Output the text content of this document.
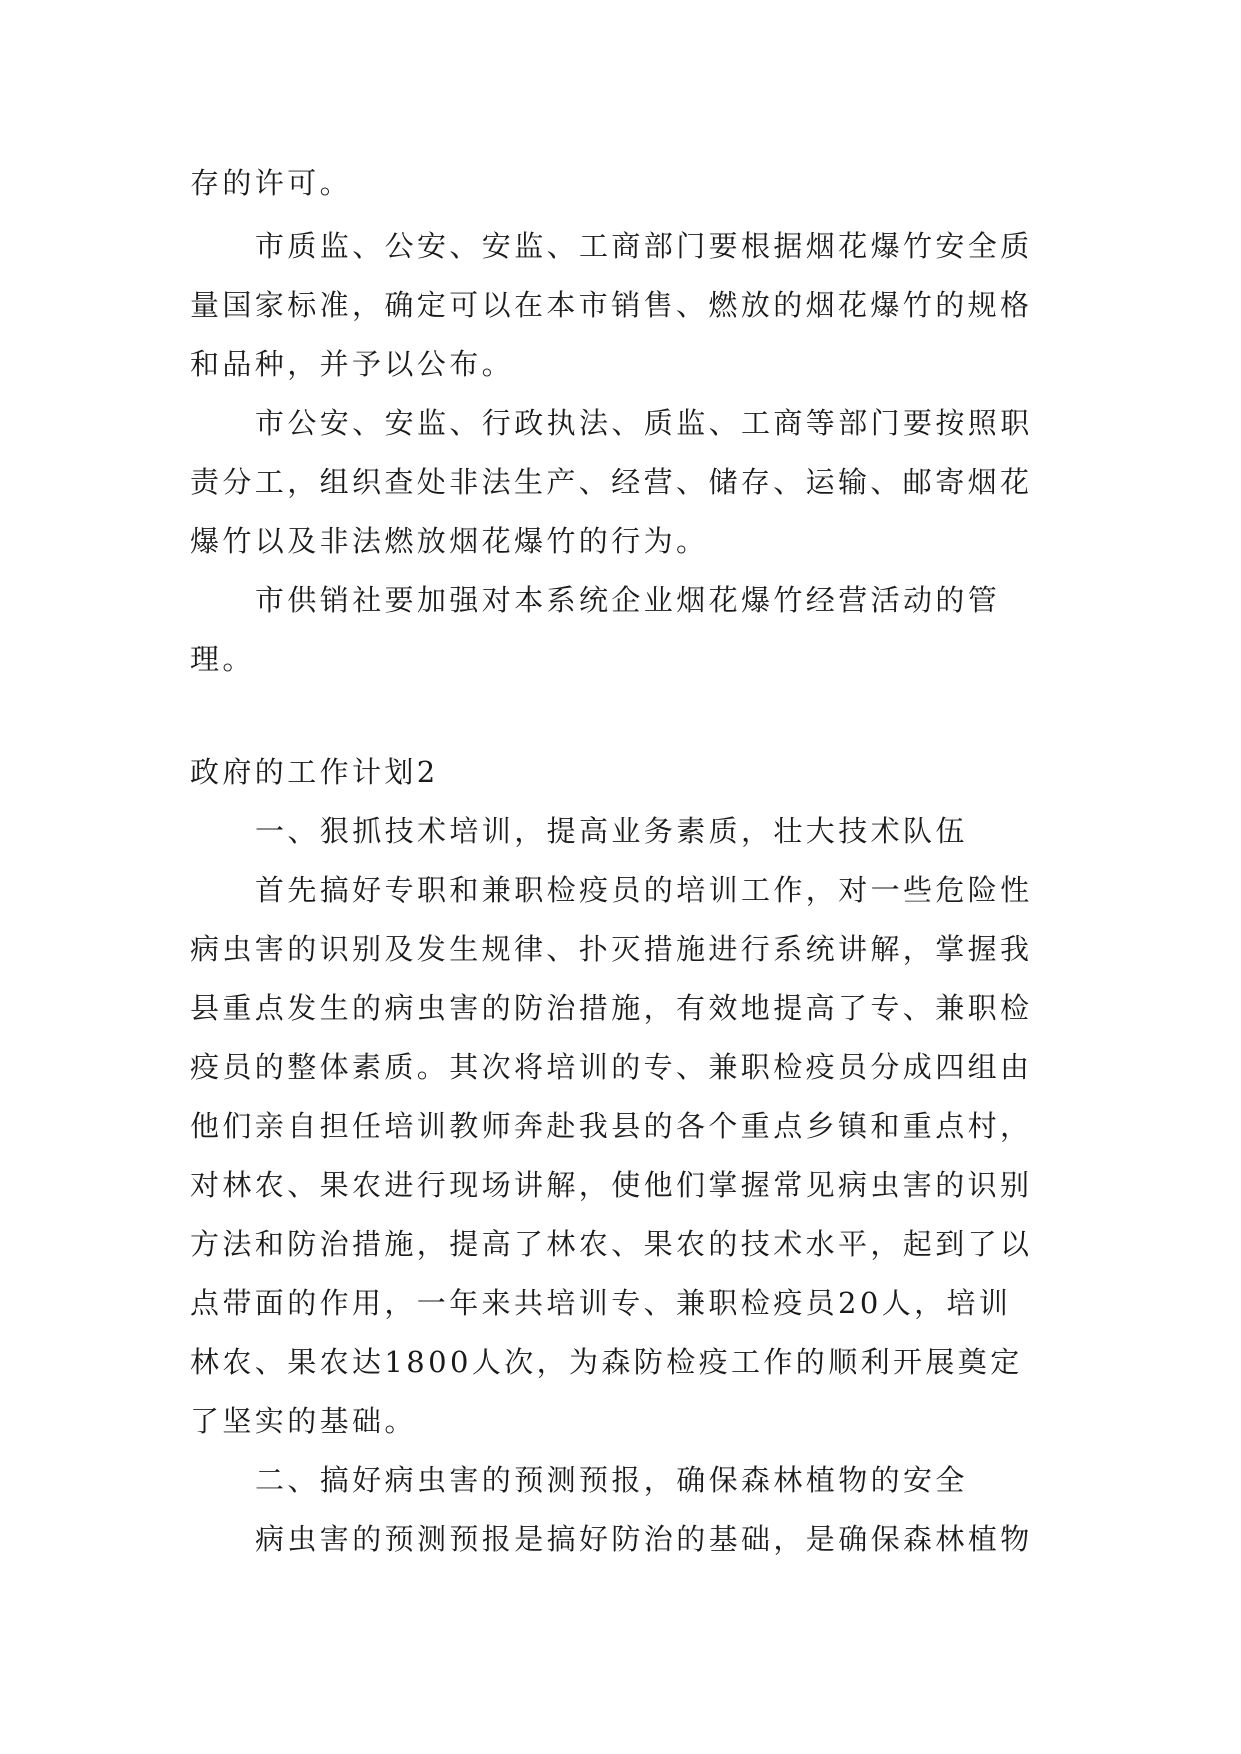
存的许可。
市质监、公安、安监、工商部门要根据烟花爆竹安全质
量国家标准，确定可以在本市销售、燃放的烟花爆竹的规格
和品种，并予以公布。
市公安、安监、行政执法、质监、工商等部门要按照职
责分工，组织查处非法生产、经营、储存、运输、邮寄烟花
爆竹以及非法燃放烟花爆竹的行为。
市供销社要加强对本系统企业烟花爆竹经营活动的管
理。
政府的工作计划2
一、狠抓技术培训，提高业务素质，壮大技术队伍
首先搞好专职和兼职检疫员的培训工作，对一些危险性
病虫害的识别及发生规律、扑灭措施进行系统讲解，掌握我
县重点发生的病虫害的防治措施，有效地提高了专、兼职检
疫员的整体素质。其次将培训的专、兼职检疫员分成四组由
他们亲自担任培训教师奔赴我县的各个重点乡镇和重点村，
对林农、果农进行现场讲解，使他们掌握常见病虫害的识别
方法和防治措施，提高了林农、果农的技术水平，起到了以
点带面的作用，一年来共培训专、兼职检疫员20人，培训
林农、果农达1800人次，为森防检疫工作的顺利开展奠定
了坚实的基础。
二、搞好病虫害的预测预报，确保森林植物的安全
病虫害的预测预报是搞好防治的基础，是确保森林植物
